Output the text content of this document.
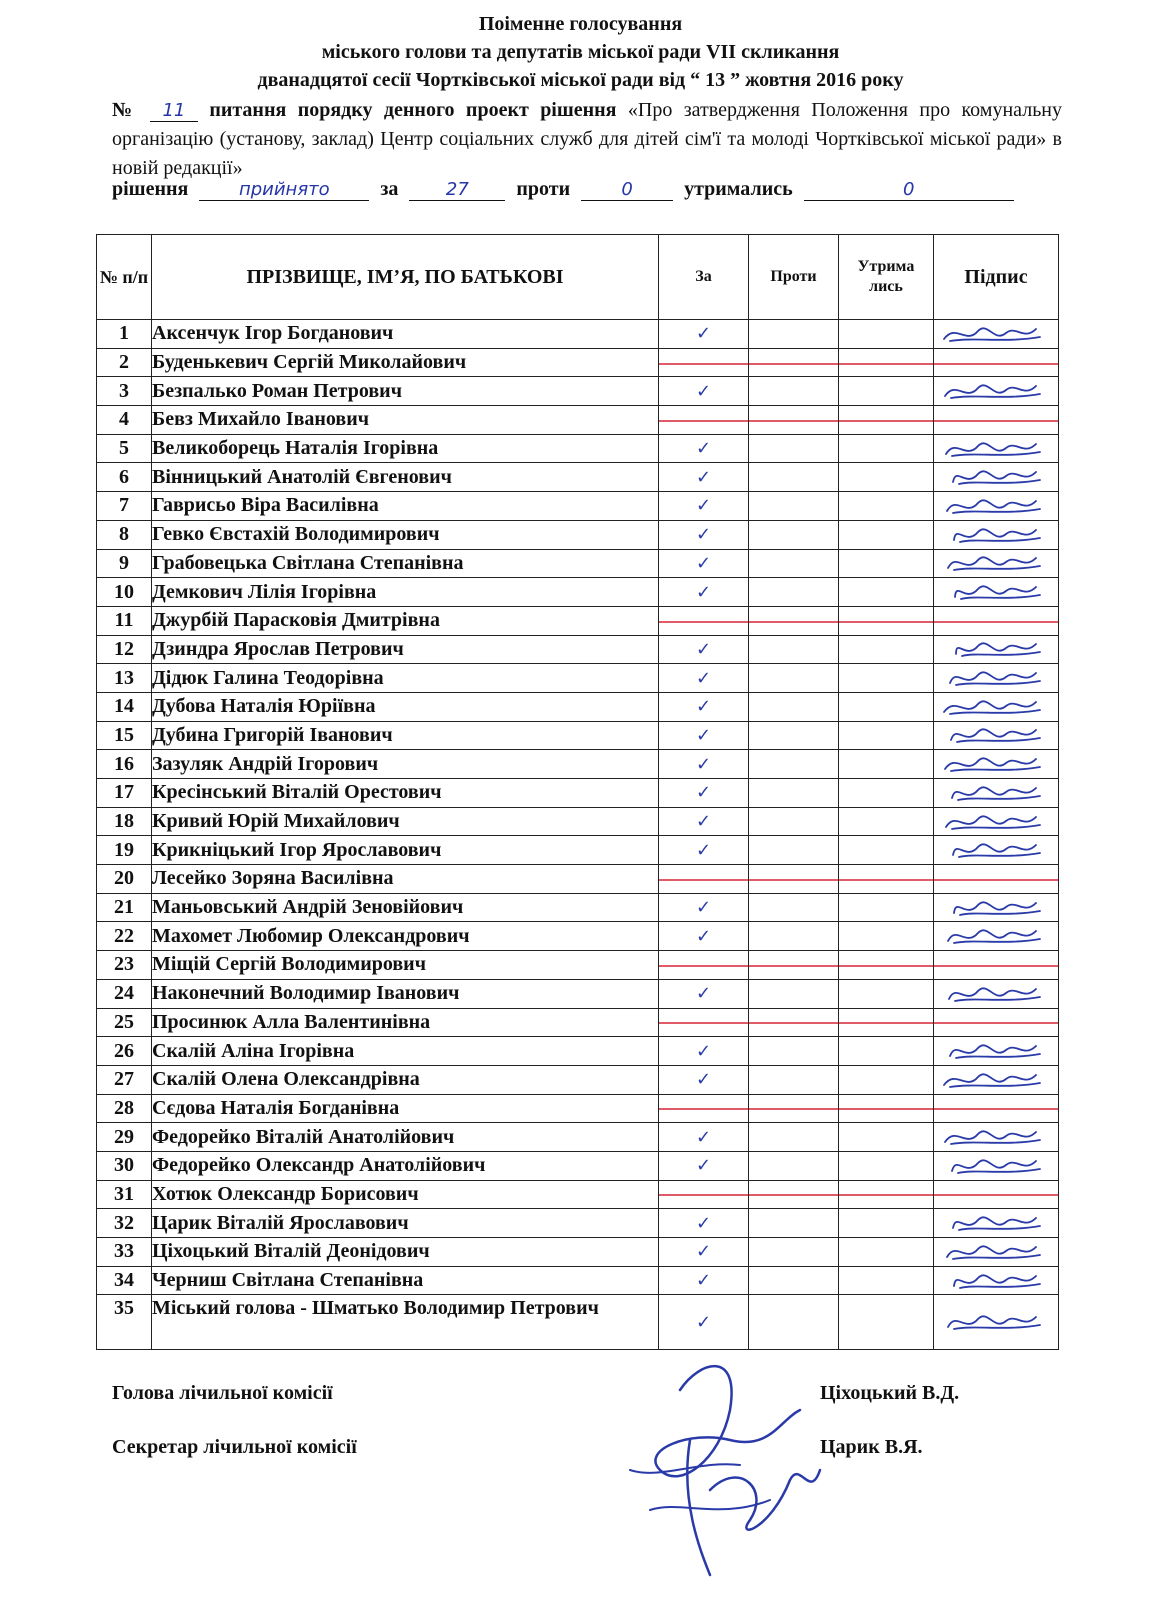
Поіменне голосування
міського голови та депутатів міської ради VII скликання
дванадцятої сесії Чортківської міської ради від “ 13 ” жовтня 2016 року
№ 11 питання порядку денного проект рішення «Про затвердження Положення про комунальну організацію (установу, заклад) Центр соціальних служб для дітей сім'ї та молоді Чортківської міської ради» в новій редакції»
рішення	прийнято	за	27 проти	0	утримались	0
№ п/п	ПРІЗВИЩЕ, ІМ’Я, ПО БАТЬКОВІ	За	Проти	Утрима лись	Підпис
1	Аксенчук Ігор Богданович	✓			

2	Буденькевич Сергій Миколайович	

3	Безпалько Роман Петрович	✓			

4	Бевз Михайло Іванович	

5	Великоборець Наталія Ігорівна	✓			

6	Вінницький Анатолій Євгенович	✓			

7	Гаврисьо Віра Василівна	✓			

8	Гевко Євстахій Володимирович	✓			

9	Грабовецька Світлана Степанівна	✓			

10	Демкович Лілія Ігорівна	✓			

11	Джурбій Парасковія Дмитрівна	

12	Дзиндра Ярослав Петрович	✓			

13	Дідюк Галина Теодорівна	✓			

14	Дубова Наталія Юріївна	✓			

15	Дубина Григорій Іванович	✓			

16	Зазуляк Андрій Ігорович	✓			

17	Кресінський Віталій Орестович	✓			

18	Кривий Юрій Михайлович	✓			

19	Крикніцький Ігор Ярославович	✓			

20	Лесейко Зоряна Василівна	

21	Маньовський Андрій Зеновійович	✓			

22	Махомет Любомир Олександрович	✓			

23	Міщій Сергій Володимирович	

24	Наконечний Володимир Іванович	✓			

25	Просинюк Алла Валентинівна	

26	Скалій Аліна Ігорівна	✓			

27	Скалій Олена Олександрівна	✓			

28	Сєдова Наталія Богданівна	

29	Федорейко Віталій Анатолійович	✓			

30	Федорейко Олександр Анатолійович	✓			

31	Хотюк Олександр Борисович	

32	Царик Віталій Ярославович	✓			

33	Ціхоцький Віталій Деонідович	✓			

34	Черниш Світлана Степанівна	✓			

35	Міський голова - Шматько Володимир Петрович	✓			
Голова лічильної комісії	Ціхоцький В.Д.
Секретар лічильної комісії	Царик В.Я.
